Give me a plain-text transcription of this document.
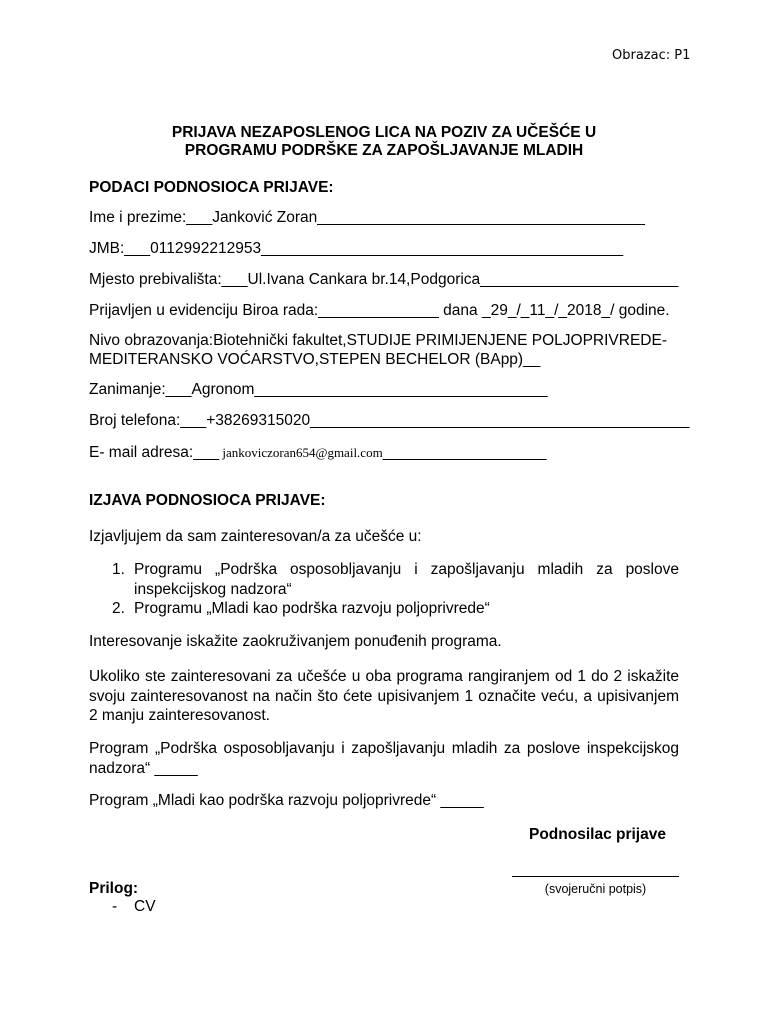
Obrazac: P1
PRIJAVA NEZAPOSLENOG LICA NA POZIV ZA UČEŠĆE U
PROGRAMU PODRŠKE ZA ZAPOŠLJAVANJE MLADIH
PODACI PODNOSIOCA PRIJAVE:
Ime i prezime:___Janković Zoran______________________________________
JMB:___0112992212953__________________________________________
Mjesto prebivališta:___Ul.Ivana Cankara br.14,Podgorica_______________________
Prijavljen u evidenciju Biroa rada:______________ dana _29_/_11_/_2018_/ godine.
Nivo obrazovanja:Biotehnički fakultet,STUDIJE PRIMIJENJENE POLJOPRIVREDE-
MEDITERANSKO VOĆARSTVO,STEPEN BECHELOR (BApp)__
Zanimanje:___Agronom__________________________________
Broj telefona:___+38269315020____________________________________________
E- mail adresa:___ jankoviczoran654@gmail.com___________________
IZJAVA PODNOSIOCA PRIJAVE:
Izjavljujem da sam zainteresovan/a za učešće u:
1. Programu „Podrška osposobljavanju i zapošljavanju mladih za poslove inspekcijskog nadzora“
2. Programu „Mladi kao podrška razvoju poljoprivrede“
Interesovanje iskažite zaokruživanjem ponuđenih programa.
Ukoliko ste zainteresovani za učešće u oba programa rangiranjem od 1 do 2 iskažite svoju zainteresovanost na način što ćete upisivanjem 1 označite veću, a upisivanjem 2 manju zainteresovanost.
Program „Podrška osposobljavanju i zapošljavanju mladih za poslove inspekcijskog nadzora“ _____
Program „Mladi kao podrška razvoju poljoprivrede“ _____
Podnosilac prijave
(svojeručni potpis)
Prilog:
- CV
